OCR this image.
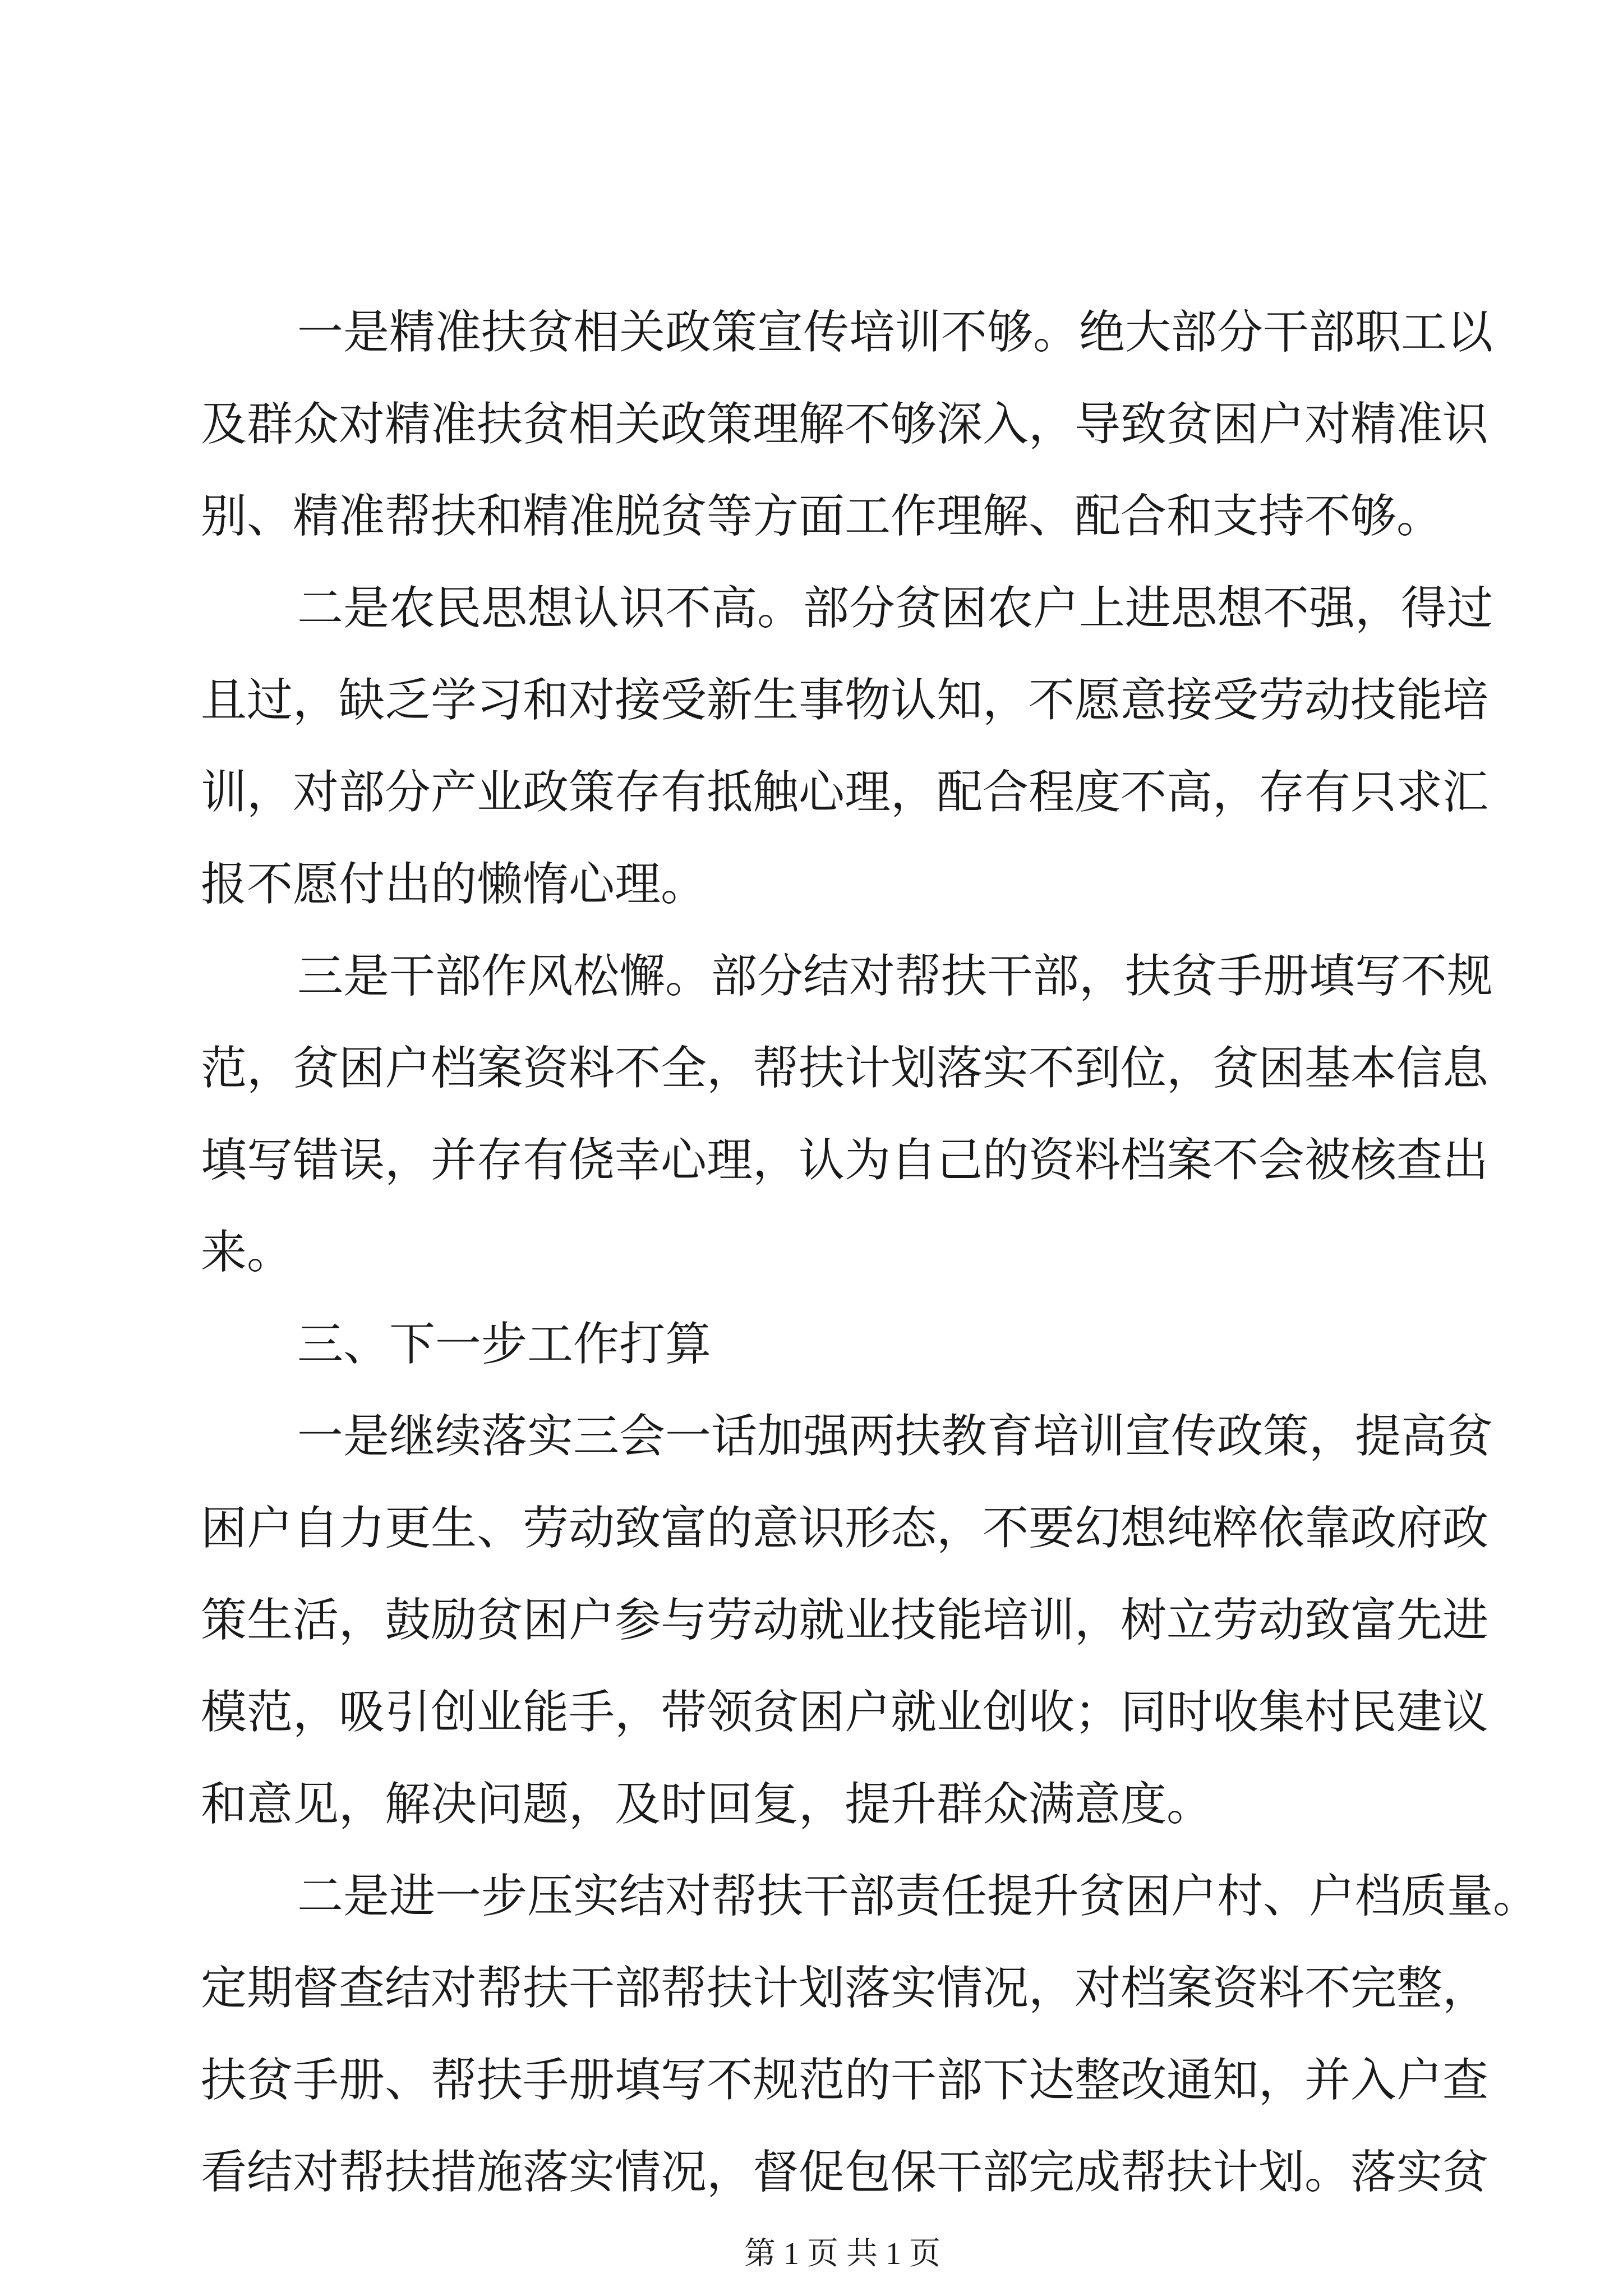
一是精准扶贫相关政策宣传培训不够。绝大部分干部职工以
及群众对精准扶贫相关政策理解不够深入，导致贫困户对精准识
别、精准帮扶和精准脱贫等方面工作理解、配合和支持不够。
二是农民思想认识不高。部分贫困农户上进思想不强，得过
且过，缺乏学习和对接受新生事物认知，不愿意接受劳动技能培
训，对部分产业政策存有抵触心理，配合程度不高，存有只求汇
报不愿付出的懒惰心理。
三是干部作风松懈。部分结对帮扶干部，扶贫手册填写不规
范，贫困户档案资料不全，帮扶计划落实不到位，贫困基本信息
填写错误，并存有侥幸心理，认为自己的资料档案不会被核查出
来。
三、下一步工作打算
一是继续落实三会一话加强两扶教育培训宣传政策，提高贫
困户自力更生、劳动致富的意识形态，不要幻想纯粹依靠政府政
策生活，鼓励贫困户参与劳动就业技能培训，树立劳动致富先进
模范，吸引创业能手，带领贫困户就业创收；同时收集村民建议
和意见，解决问题，及时回复，提升群众满意度。
二是进一步压实结对帮扶干部责任提升贫困户村、户档质量。
定期督查结对帮扶干部帮扶计划落实情况，对档案资料不完整，
扶贫手册、帮扶手册填写不规范的干部下达整改通知，并入户查
看结对帮扶措施落实情况，督促包保干部完成帮扶计划。落实贫
第 1 页 共 1 页
